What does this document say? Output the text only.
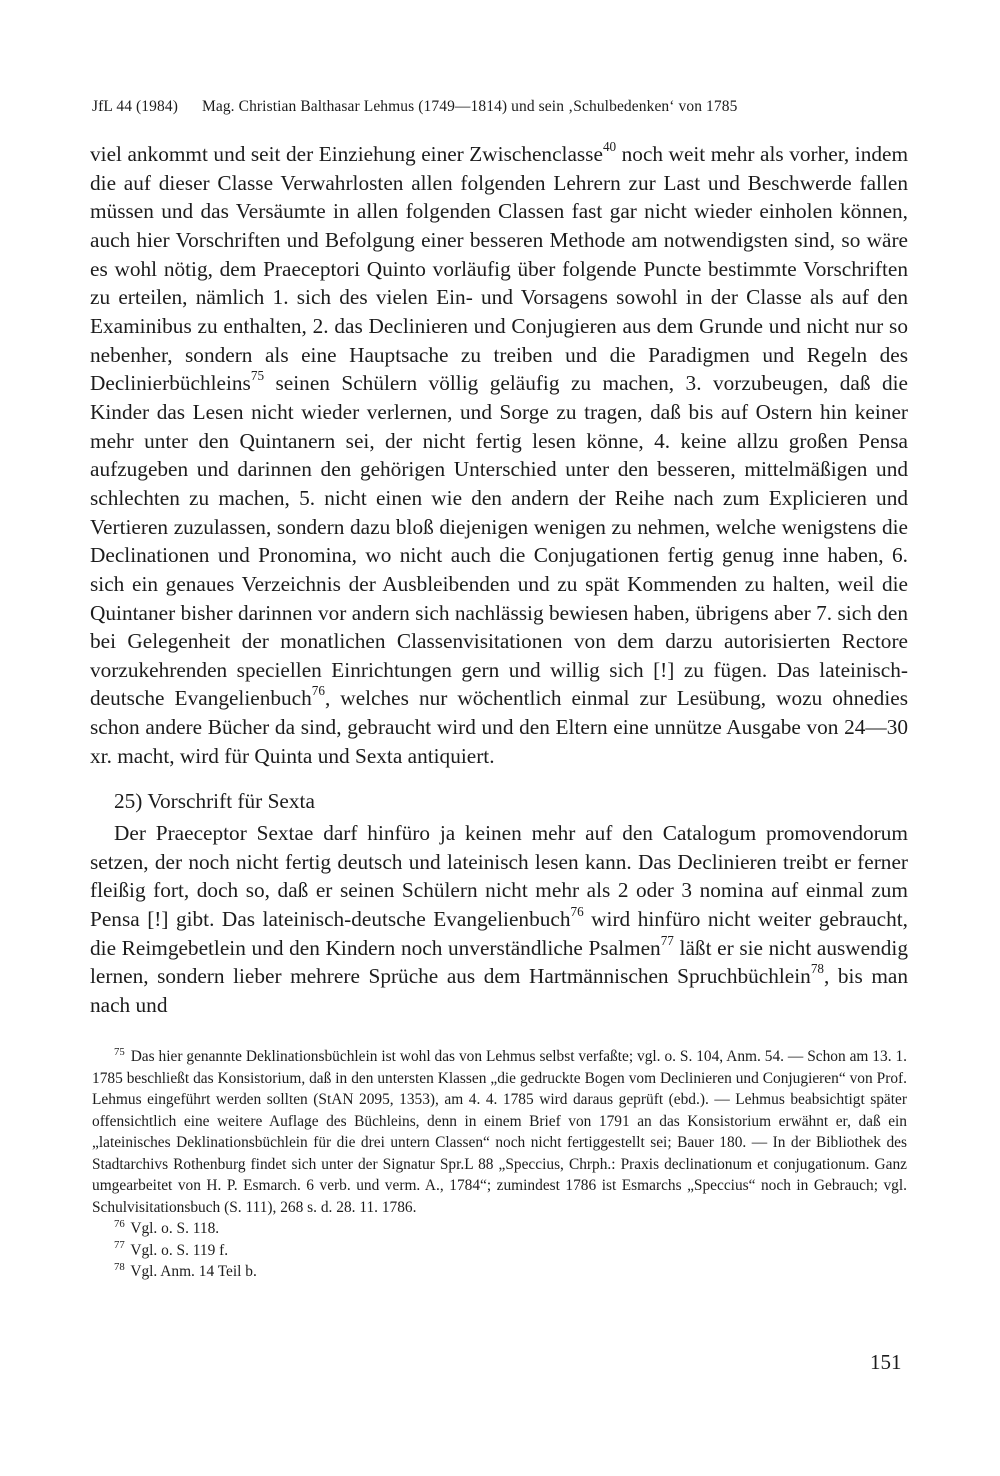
JfL 44 (1984) Mag. Christian Balthasar Lehmus (1749—1814) und sein ‚Schulbedenken‘ von 1785

viel ankommt und seit der Einziehung einer Zwischenclasse$^{40}$ noch weit mehr als vorher, indem die auf dieser Classe Verwahrlosten allen folgenden Lehrern zur Last und Beschwerde fallen müssen und das Versäumte in allen folgenden Classen fast gar nicht wieder einholen können, auch hier Vorschriften und Befolgung einer besseren Methode am notwendigsten sind, so wäre es wohl nötig, dem Praeceptori Quinto vorläufig über folgende Puncte bestimmte Vorschriften zu erteilen, nämlich 1. sich des vielen Ein- und Vorsagens sowohl in der Classe als auf den Examinibus zu enthalten, 2. das Declinieren und Conjugieren aus dem Grunde und nicht nur so nebenher, sondern als eine Hauptsache zu treiben und die Paradigmen und Regeln des Declinierbüchleins$^{75}$ seinen Schülern völlig geläufig zu machen, 3. vorzubeugen, daß die Kinder das Lesen nicht wieder verlernen, und Sorge zu tragen, daß bis auf Ostern hin keiner mehr unter den Quintanern sei, der nicht fertig lesen könne, 4. keine allzu großen Pensa aufzugeben und darinnen den gehörigen Unterschied unter den besseren, mittelmäßigen und schlechten zu machen, 5. nicht einen wie den andern der Reihe nach zum Explicieren und Vertieren zuzulassen, sondern dazu bloß diejenigen wenigen zu nehmen, welche wenigstens die Declinationen und Pronomina, wo nicht auch die Conjugationen fertig genug inne haben, 6. sich ein genaues Verzeichnis der Ausbleibenden und zu spät Kommenden zu halten, weil die Quintaner bisher darinnen vor andern sich nachlässig bewiesen haben, übrigens aber 7. sich den bei Gelegenheit der monatlichen Classenvisitationen von dem darzu autorisierten Rectore vorzukehrenden speciellen Einrichtungen gern und willig sich [!] zu fügen. Das lateinisch-deutsche Evangelienbuch$^{76}$, welches nur wöchentlich einmal zur Lesübung, wozu ohnedies schon andere Bücher da sind, gebraucht wird und den Eltern eine unnütze Ausgabe von 24—30 xr. macht, wird für Quinta und Sexta antiquiert.

25) Vorschrift für Sexta

Der Praeceptor Sextae darf hinfüro ja keinen mehr auf den Catalogum promovendorum setzen, der noch nicht fertig deutsch und lateinisch lesen kann. Das Declinieren treibt er ferner fleißig fort, doch so, daß er seinen Schülern nicht mehr als 2 oder 3 nomina auf einmal zum Pensa [!] gibt. Das lateinisch-deutsche Evangelienbuch$^{76}$ wird hinfüro nicht weiter gebraucht, die Reimgebetlein und den Kindern noch unverständliche Psalmen$^{77}$ läßt er sie nicht auswendig lernen, sondern lieber mehrere Sprüche aus dem Hartmännischen Spruchbüchlein$^{78}$, bis man nach und

$^{75}$ Das hier genannte Deklinationsbüchlein ist wohl das von Lehmus selbst verfaßte; vgl. o. S. 104, Anm. 54. — Schon am 13. 1. 1785 beschließt das Konsistorium, daß in den untersten Klassen „die gedruckte Bogen vom Declinieren und Conjugieren“ von Prof. Lehmus eingeführt werden sollten (StAN 2095, 1353), am 4. 4. 1785 wird daraus geprüft (ebd.). — Lehmus beabsichtigt später offensichtlich eine weitere Auflage des Büchleins, denn in einem Brief von 1791 an das Konsistorium erwähnt er, daß ein „lateinisches Deklinationsbüchlein für die drei untern Classen“ noch nicht fertiggestellt sei; Bauer 180. — In der Bibliothek des Stadtarchivs Rothenburg findet sich unter der Signatur Spr.L 88 „Speccius, Chrph.: Praxis declinationum et conjugationum. Ganz umgearbeitet von H. P. Esmarch. 6 verb. und verm. A., 1784“; zumindest 1786 ist Esmarchs „Speccius“ noch in Gebrauch; vgl. Schulvisitationsbuch (S. 111), 268 s. d. 28. 11. 1786.

$^{76}$ Vgl. o. S. 118.

$^{77}$ Vgl. o. S. 119 f.

$^{78}$ Vgl. Anm. 14 Teil b.

151
